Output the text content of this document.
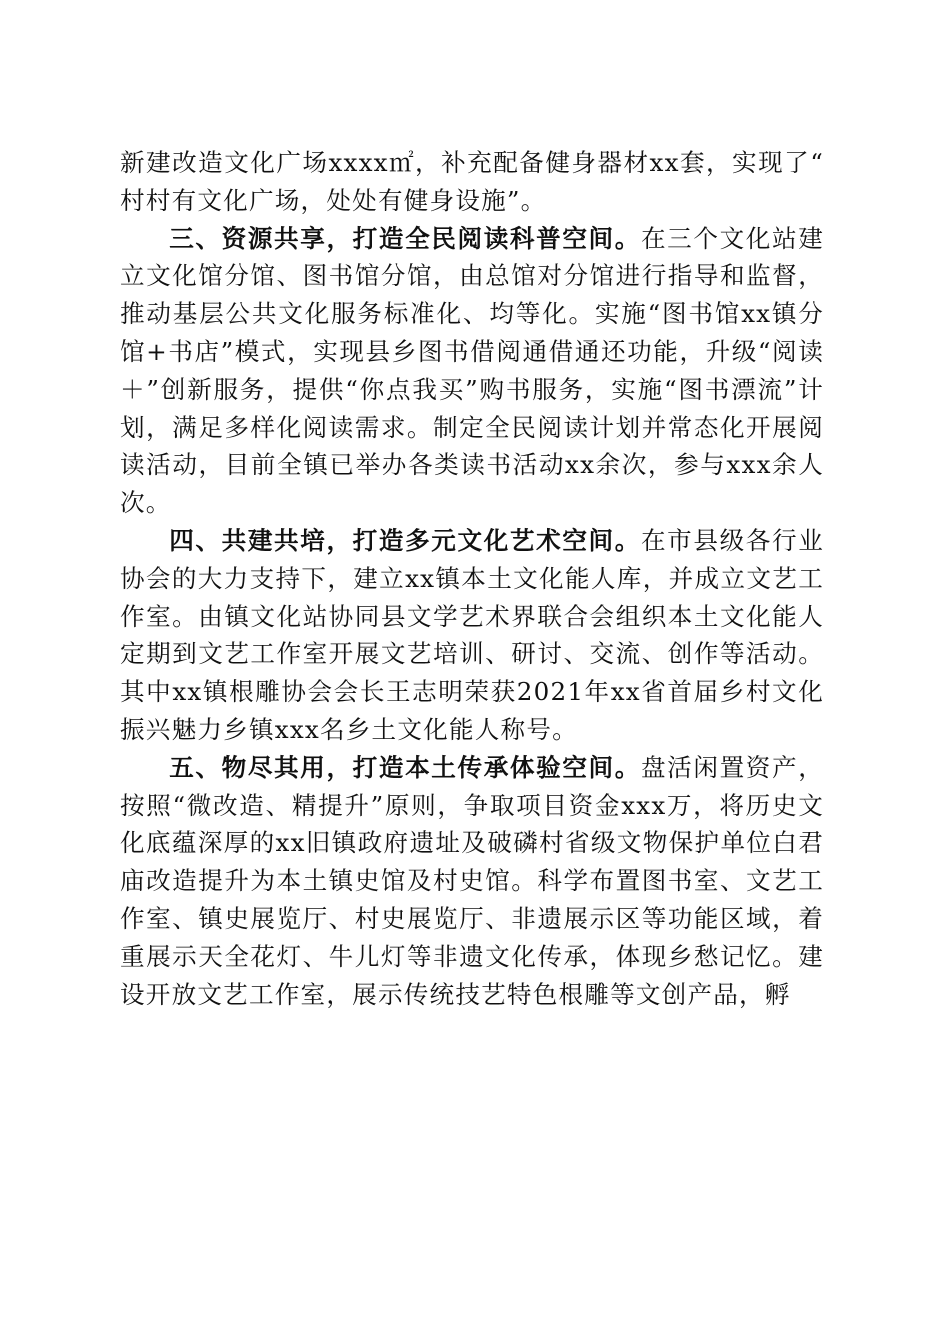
新建改造文化广场xxxx㎡，补充配备健身器材xx套，实现了“村村有文化广场，处处有健身设施”。

三、资源共享，打造全民阅读科普空间。在三个文化站建立文化馆分馆、图书馆分馆，由总馆对分馆进行指导和监督，推动基层公共文化服务标准化、均等化。实施“图书馆xx镇分馆+书店”模式，实现县乡图书借阅通借通还功能，升级“阅读＋”创新服务，提供“你点我买”购书服务，实施“图书漂流”计划，满足多样化阅读需求。制定全民阅读计划并常态化开展阅读活动，目前全镇已举办各类读书活动xx余次，参与xxx余人次。

四、共建共培，打造多元文化艺术空间。在市县级各行业协会的大力支持下，建立xx镇本土文化能人库，并成立文艺工作室。由镇文化站协同县文学艺术界联合会组织本土文化能人定期到文艺工作室开展文艺培训、研讨、交流、创作等活动。其中xx镇根雕协会会长王志明荣获2021年xx省首届乡村文化振兴魅力乡镇xxx名乡土文化能人称号。

五、物尽其用，打造本土传承体验空间。盘活闲置资产，按照“微改造、精提升”原则，争取项目资金xxx万，将历史文化底蕴深厚的xx旧镇政府遗址及破磷村省级文物保护单位白君庙改造提升为本土镇史馆及村史馆。科学布置图书室、文艺工作室、镇史展览厅、村史展览厅、非遗展示区等功能区域，着重展示天全花灯、牛儿灯等非遗文化传承，体现乡愁记忆。建设开放文艺工作室，展示传统技艺特色根雕等文创产品，孵
